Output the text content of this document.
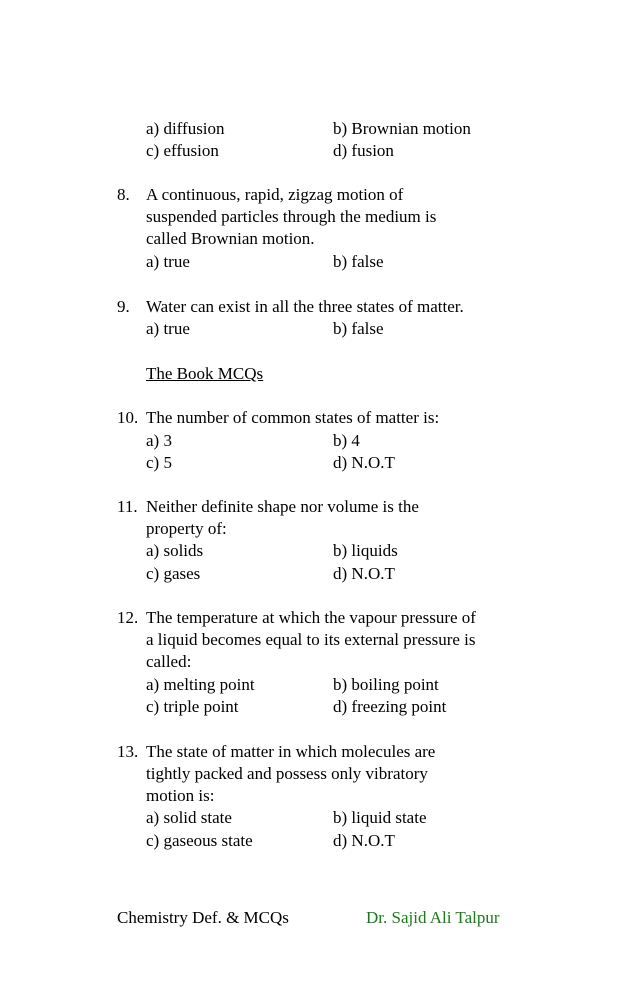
a) diffusion	b) Brownian motion
c) effusion	d) fusion
8. A continuous, rapid, zigzag motion of
suspended particles through the medium is
called Brownian motion.
a) true	b) false
9. Water can exist in all the three states of matter.
a) true	b) false
The Book MCQs
10. The number of common states of matter is:
a) 3	b) 4
c) 5	d) N.O.T
11. Neither definite shape nor volume is the
property of:
a) solids	b) liquids
c) gases	d) N.O.T
12. The temperature at which the vapour pressure of
a liquid becomes equal to its external pressure is
called:
a) melting point	b) boiling point
c) triple point	d) freezing point
13. The state of matter in which molecules are
tightly packed and possess only vibratory
motion is:
a) solid state	b) liquid state
c) gaseous state	d) N.O.T
Chemistry Def. & MCQs	Dr. Sajid Ali Talpur
